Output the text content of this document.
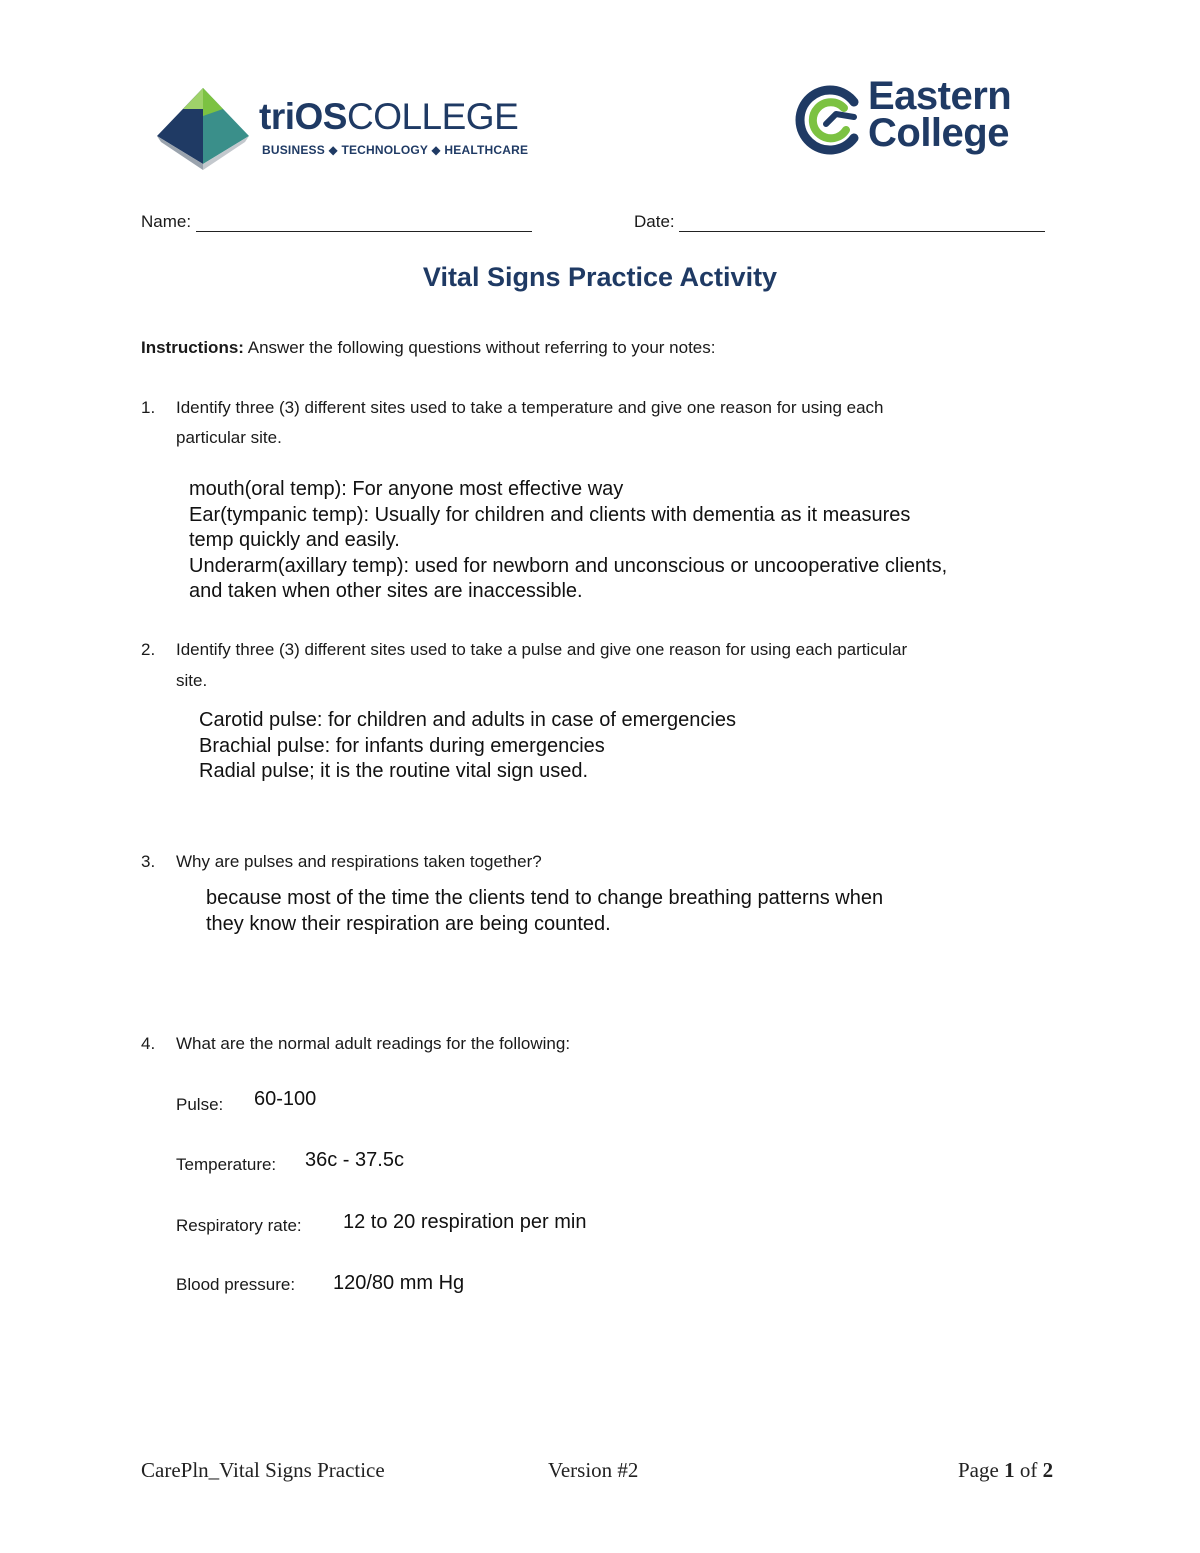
triOSCOLLEGE
BUSINESS ◆ TECHNOLOGY ◆ HEALTHCARE
Eastern
College
Name:	Date:
Vital Signs Practice Activity
Instructions: Answer the following questions without referring to your notes:
1. Identify three (3) different sites used to take a temperature and give one reason for using each
particular site.
mouth(oral temp): For anyone most effective way
Ear(tympanic temp): Usually for children and clients with dementia as it measures
temp quickly and easily.
Underarm(axillary temp): used for newborn and unconscious or uncooperative clients,
and taken when other sites are inaccessible.
2. Identify three (3) different sites used to take a pulse and give one reason for using each particular
site.
Carotid pulse: for children and adults in case of emergencies
Brachial pulse: for infants during emergencies
Radial pulse; it is the routine vital sign used.
3. Why are pulses and respirations taken together?
because most of the time the clients tend to change breathing patterns when
they know their respiration are being counted.
4. What are the normal adult readings for the following:
Pulse: 60-100
Temperature: 36c - 37.5c
Respiratory rate: 12 to 20 respiration per min
Blood pressure: 120/80 mm Hg
CarePln_Vital Signs Practice	Version #2	Page 1 of 2
